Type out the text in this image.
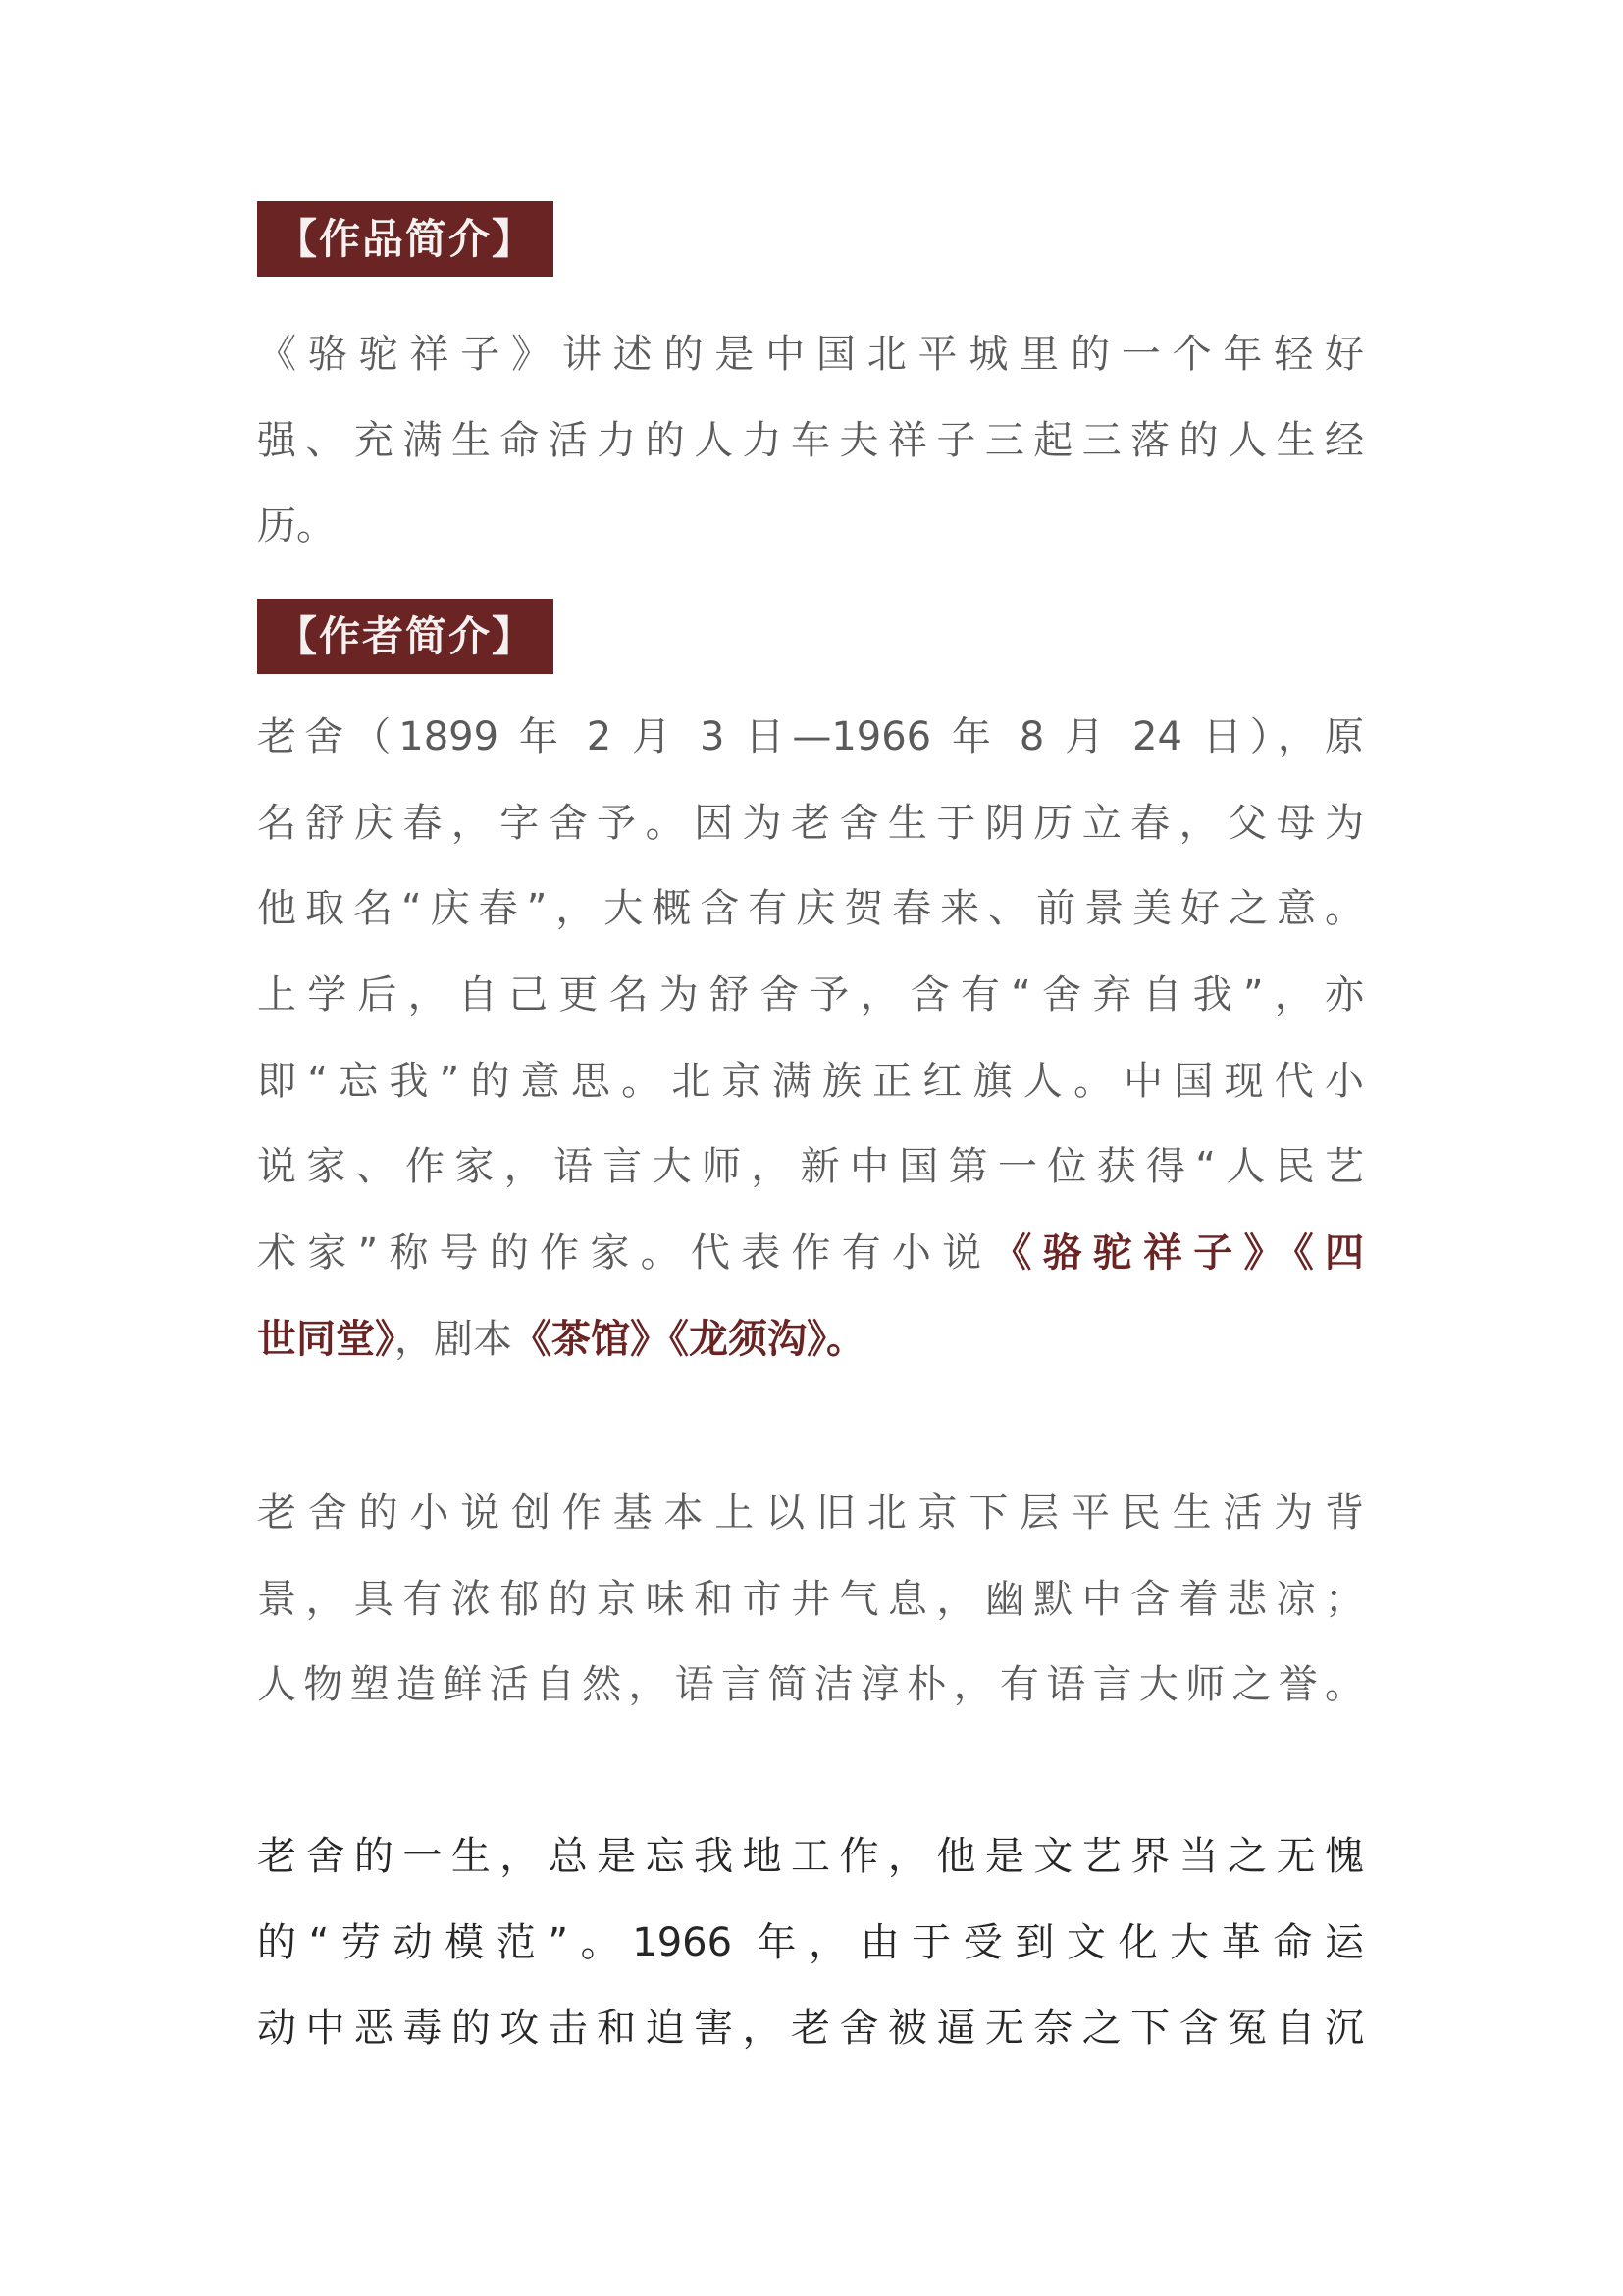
【作品简介】
《骆驼祥子》讲述的是中国北平城里的一个年轻好
强、充满生命活力的人力车夫祥子三起三落的人生经
历。
【作者简介】
老舍（1899 年 2 月 3 日—1966 年 8 月 24 日），原
名舒庆春，字舍予。因为老舍生于阴历立春，父母为
他取名“庆春”，大概含有庆贺春来、前景美好之意。
上学后，自己更名为舒舍予，含有“舍弃自我”，亦
即“忘我”的意思。北京满族正红旗人。中国现代小
说家、作家，语言大师，新中国第一位获得“人民艺
术家”称号的作家。代表作有小说《骆驼祥子》《四
世同堂》，剧本《茶馆》《龙须沟》。
老舍的小说创作基本上以旧北京下层平民生活为背
景，具有浓郁的京味和市井气息，幽默中含着悲凉；
人物塑造鲜活自然，语言简洁淳朴，有语言大师之誉。
老舍的一生，总是忘我地工作，他是文艺界当之无愧
的“劳动模范”。1966 年，由于受到文化大革命运
动中恶毒的攻击和迫害，老舍被逼无奈之下含冤自沉
